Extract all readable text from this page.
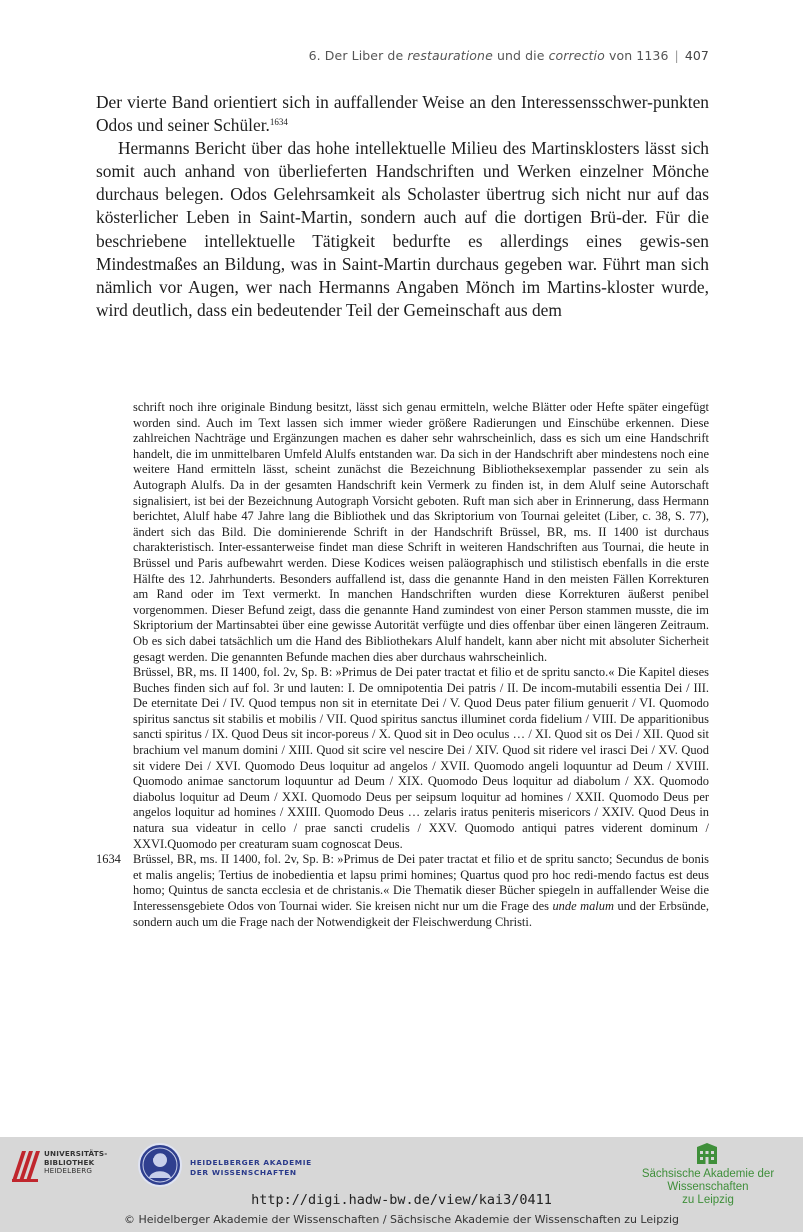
6. Der Liber de restauratione und die correctio von 1136 | 407

Der vierte Band orientiert sich in auffallender Weise an den Interessensschwer-punkten Odos und seiner Schüler.$^{1634}$

Hermanns Bericht über das hohe intellektuelle Milieu des Martinsklosters lässt sich somit auch anhand von überlieferten Handschriften und Werken einzelner Mönche durchaus belegen. Odos Gelehrsamkeit als Scholaster übertrug sich nicht nur auf das kösterlicher Leben in Saint-Martin, sondern auch auf die dortigen Brü-der. Für die beschriebene intellektuelle Tätigkeit bedurfte es allerdings eines gewis-sen Mindestmaßes an Bildung, was in Saint-Martin durchaus gegeben war. Führt man sich nämlich vor Augen, wer nach Hermanns Angaben Mönch im Martins-kloster wurde, wird deutlich, dass ein bedeutender Teil der Gemeinschaft aus dem

schrift noch ihre originale Bindung besitzt, lässt sich genau ermitteln, welche Blätter oder Hefte später eingefügt worden sind. Auch im Text lassen sich immer wieder größere Radierungen und Einschübe erkennen. Diese zahlreichen Nachträge und Ergänzungen machen es daher sehr wahrscheinlich, dass es sich um eine Handschrift handelt, die im unmittelbaren Umfeld Alulfs entstanden war. Da sich in der Handschrift aber mindestens noch eine weitere Hand ermitteln lässt, scheint zunächst die Bezeichnung Bibliotheksexemplar passender zu sein als Autograph Alulfs. Da in der gesamten Handschrift kein Vermerk zu finden ist, in dem Alulf seine Autorschaft signalisiert, ist bei der Bezeichnung Autograph Vorsicht geboten. Ruft man sich aber in Erinnerung, dass Hermann berichtet, Alulf habe 47 Jahre lang die Bibliothek und das Skriptorium von Tournai geleitet (Liber, c. 38, S. 77), ändert sich das Bild. Die dominierende Schrift in der Handschrift Brüssel, BR, ms. II 1400 ist durchaus charakteristisch. Inter-essanterweise findet man diese Schrift in weiteren Handschriften aus Tournai, die heute in Brüssel und Paris aufbewahrt werden. Diese Kodices weisen paläographisch und stilistisch ebenfalls in die erste Hälfte des 12. Jahrhunderts. Besonders auffallend ist, dass die genannte Hand in den meisten Fällen Korrekturen am Rand oder im Text vermerkt. In manchen Handschriften wurden diese Korrekturen äußerst penibel vorgenommen. Dieser Befund zeigt, dass die genannte Hand zumindest von einer Person stammen musste, die im Skriptorium der Martinsabtei über eine gewisse Autorität verfügte und dies offenbar über einen längeren Zeitraum. Ob es sich dabei tatsächlich um die Hand des Bibliothekars Alulf handelt, kann aber nicht mit absoluter Sicherheit gesagt werden. Die genannten Befunde machen dies aber durchaus wahrscheinlich.

Brüssel, BR, ms. II 1400, fol. 2v, Sp. B: »Primus de Dei pater tractat et filio et de spritu sancto.« Die Kapitel dieses Buches finden sich auf fol. 3r und lauten: I. De omnipotentia Dei patris / II. De incom-mutabili essentia Dei / III. De eternitate Dei / IV. Quod tempus non sit in eternitate Dei / V. Quod Deus pater filium genuerit / VI. Quomodo spiritus sanctus sit stabilis et mobilis / VII. Quod spiritus sanctus illuminet corda fidelium / VIII. De apparitionibus sancti spiritus / IX. Quod Deus sit incor-poreus / X. Quod sit in Deo oculus … / XI. Quod sit os Dei / XII. Quod sit brachium vel manum domini / XIII. Quod sit scire vel nescire Dei / XIV. Quod sit ridere vel irasci Dei / XV. Quod sit videre Dei / XVI. Quomodo Deus loquitur ad angelos / XVII. Quomodo angeli loquuntur ad Deum / XVIII. Quomodo animae sanctorum loquuntur ad Deum / XIX. Quomodo Deus loquitur ad diabolum / XX. Quomodo diabolus loquitur ad Deum / XXI. Quomodo Deus per seipsum loquitur ad homines / XXII. Quomodo Deus per angelos loquitur ad homines / XXIII. Quomodo Deus … zelaris iratus peniteris misericors / XXIV. Quod Deus in natura sua videatur in cello / prae sancti crudelis / XXV. Quomodo antiqui patres viderent dominum / XXVI.Quomodo per creaturam suam cognoscat Deus.

1634 Brüssel, BR, ms. II 1400, fol. 2v, Sp. B: »Primus de Dei pater tractat et filio et de spritu sancto; Secundus de bonis et malis angelis; Tertius de inobedientia et lapsu primi homines; Quartus quod pro hoc redi-mendo factus est deus homo; Quintus de sancta ecclesia et de christanis.« Die Thematik dieser Bücher spiegeln in auffallender Weise die Interessensgebiete Odos von Tournai wider. Sie kreisen nicht nur um die Frage des unde malum und der Erbsünde, sondern auch um die Frage nach der Notwendigkeit der Fleischwerdung Christi.

UNIVERSITÄTS-
BIBLIOTHEK
HEIDELBERG
HEIDELBERGER AKADEMIE
DER WISSENSCHAFTEN	Sächsische Akademie der Wissenschaften
zu Leipzig
http://digi.hadw-bw.de/view/kai3/0411
© Heidelberger Akademie der Wissenschaften / Sächsische Akademie der Wissenschaften zu Leipzig
